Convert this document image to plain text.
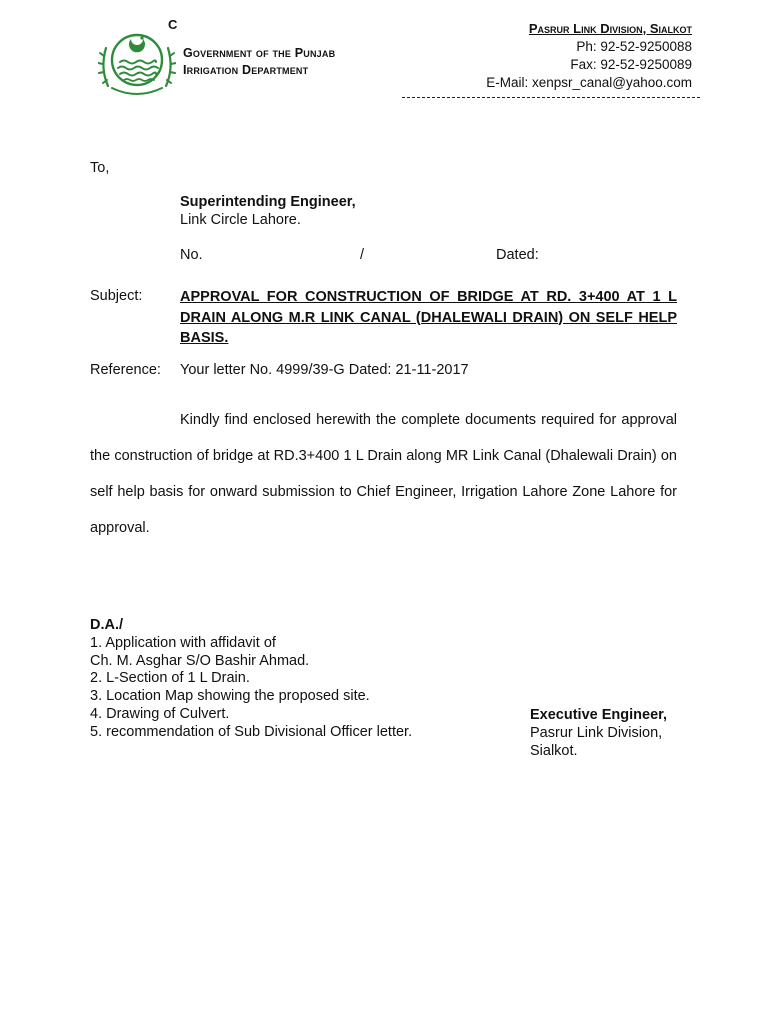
C
Government of the Punjab
Irrigation Department
Pasrur Link Division, Sialkot
Ph: 92-52-9250088
Fax: 92-52-9250089
E-Mail: xenpsr_canal@yahoo.com
To,
Superintending Engineer,
Link Circle Lahore.
No.	/	Dated:
Subject:	APPROVAL FOR CONSTRUCTION OF BRIDGE AT RD. 3+400 AT 1 L DRAIN ALONG M.R LINK CANAL (DHALEWALI DRAIN) ON SELF HELP BASIS.
Reference: Your letter No. 4999/39-G Dated: 21-11-2017
Kindly find enclosed herewith the complete documents required for approval the construction of bridge at RD.3+400 1 L Drain along MR Link Canal (Dhalewali Drain) on self help basis for onward submission to Chief Engineer, Irrigation Lahore Zone Lahore for approval.
D.A./
1. Application with affidavit of
Ch. M. Asghar S/O Bashir Ahmad.
2. L-Section of 1 L Drain.
3. Location Map showing the proposed site.
4. Drawing of Culvert.
5. recommendation of Sub Divisional Officer letter.
Executive Engineer,
Pasrur Link Division,
Sialkot.
